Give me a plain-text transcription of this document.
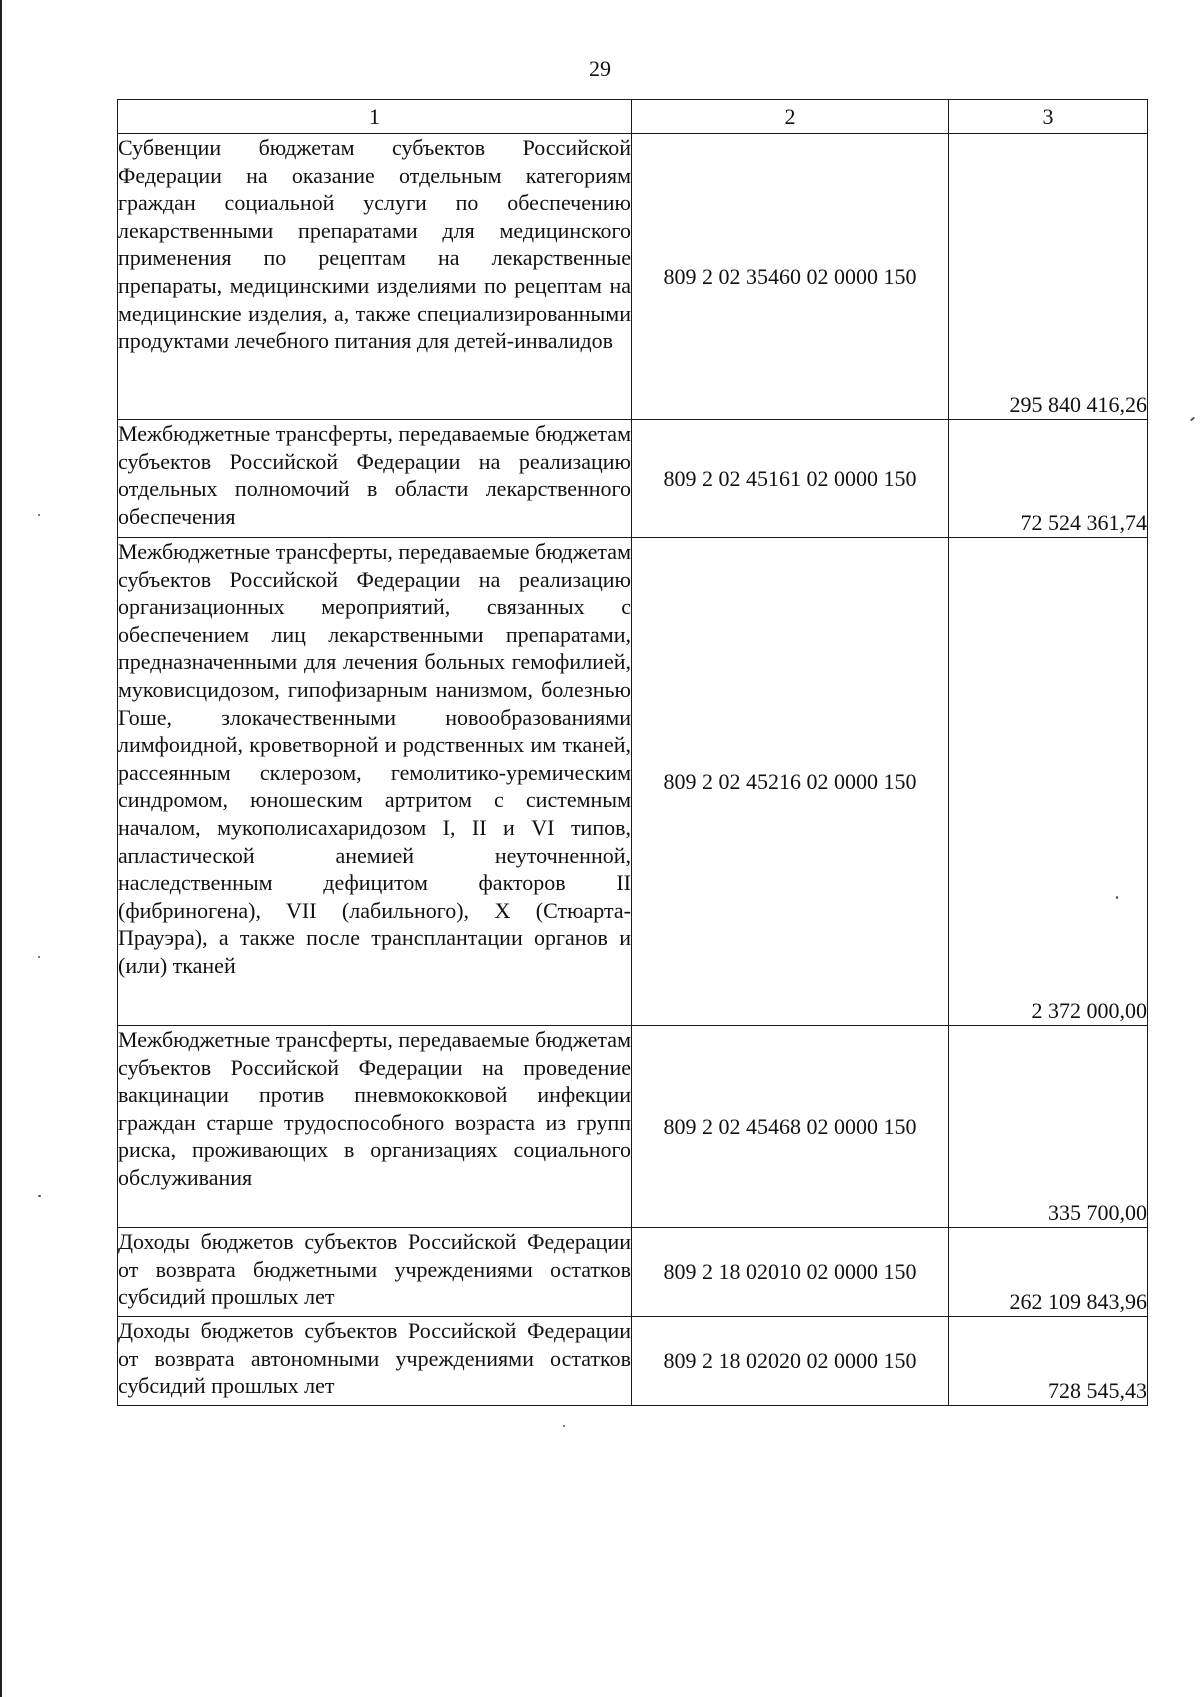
29
1	2	3
Субвенции бюджетам субъектов Российской Федерации на оказание отдельным категориям граждан социальной услуги по обеспечению лекарственными препаратами для медицинского применения по рецептам на лекарственные препараты, медицинскими изделиями по рецептам на медицинские изделия, а, также специализированными продуктами лечебного питания для детей-инвалидов	809 2 02 35460 02 0000 150	295 840 416,26
Межбюджетные трансферты, передаваемые бюджетам субъектов Российской Федерации на реализацию отдельных полномочий в области лекарственного обеспечения	809 2 02 45161 02 0000 150	72 524 361,74
Межбюджетные трансферты, передаваемые бюджетам субъектов Российской Федерации на реализацию организационных мероприятий, связанных с обеспечением лиц лекарственными препаратами, предназначенными для лечения больных гемофилией, муковисцидозом, гипофизарным нанизмом, болезнью Гоше, злокачественными новообразованиями лимфоидной, кроветворной и родственных им тканей, рассеянным склерозом, гемолитико-уремическим синдромом, юношеским артритом с системным началом, мукополисахаридозом I, II и VI типов, апластической анемией неуточненной, наследственным дефицитом факторов II (фибриногена), VII (лабильного), X (Стюарта-Прауэра), а также после трансплантации органов и (или) тканей	809 2 02 45216 02 0000 150	2 372 000,00
Межбюджетные трансферты, передаваемые бюджетам субъектов Российской Федерации на проведение вакцинации против пневмококковой инфекции граждан старше трудоспособного возраста из групп риска, проживающих в организациях социального обслуживания	809 2 02 45468 02 0000 150	335 700,00
Доходы бюджетов субъектов Российской Федерации от возврата бюджетными учреждениями остатков субсидий прошлых лет	809 2 18 02010 02 0000 150	262 109 843,96
Доходы бюджетов субъектов Российской Федерации от возврата автономными учреждениями остатков субсидий прошлых лет	809 2 18 02020 02 0000 150	728 545,43
